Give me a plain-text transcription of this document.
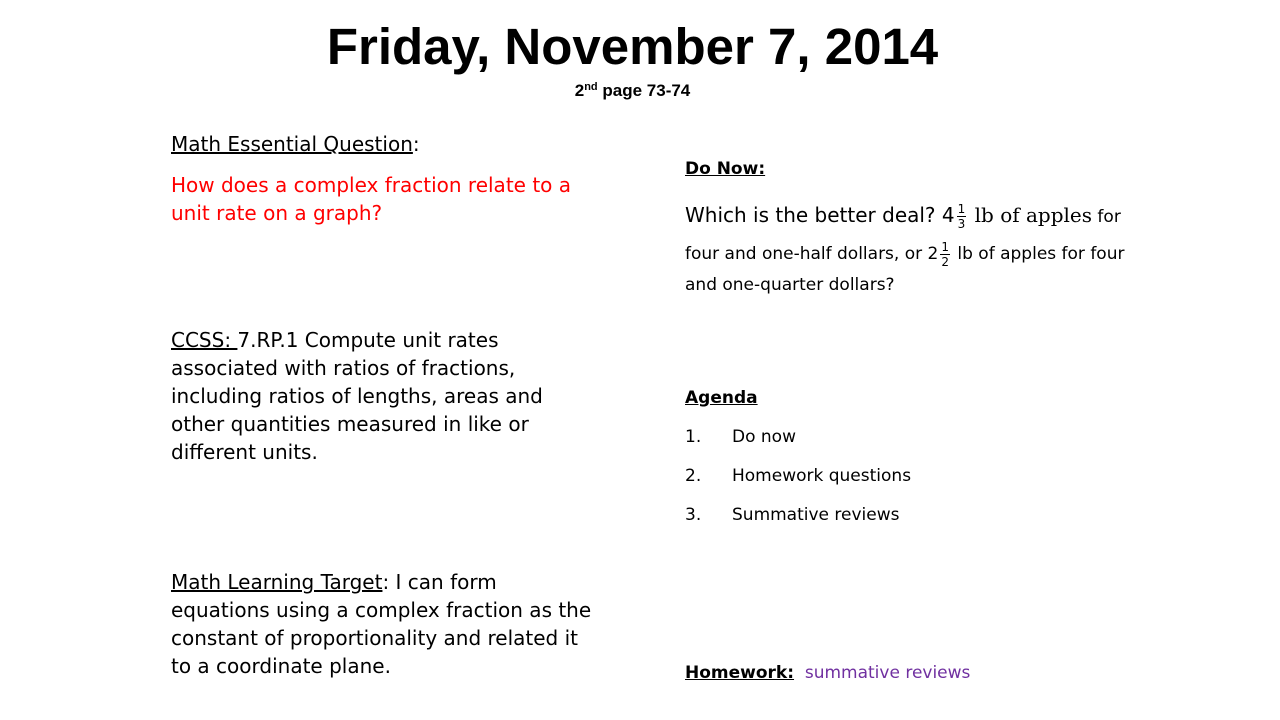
Friday, November 7, 2014
2nd page 73-74
Math Essential Question:
How does a complex fraction relate to a unit rate on a graph?
CCSS: 7.RP.1 Compute unit rates associated with ratios of fractions, including ratios of lengths, areas and other quantities measured in like or different units.
Math Learning Target: I can form equations using a complex fraction as the constant of proportionality and related it to a coordinate plane.
Do Now:
Which is the better deal? $4 \frac{1}{3}$ lb of apples for
four and one-half dollars, or $2 \frac{1}{2}$ lb of apples for four
and one-quarter dollars?
Agenda
1.	Do now
2.	Homework questions
3.	Summative reviews
Homework: summative reviews
